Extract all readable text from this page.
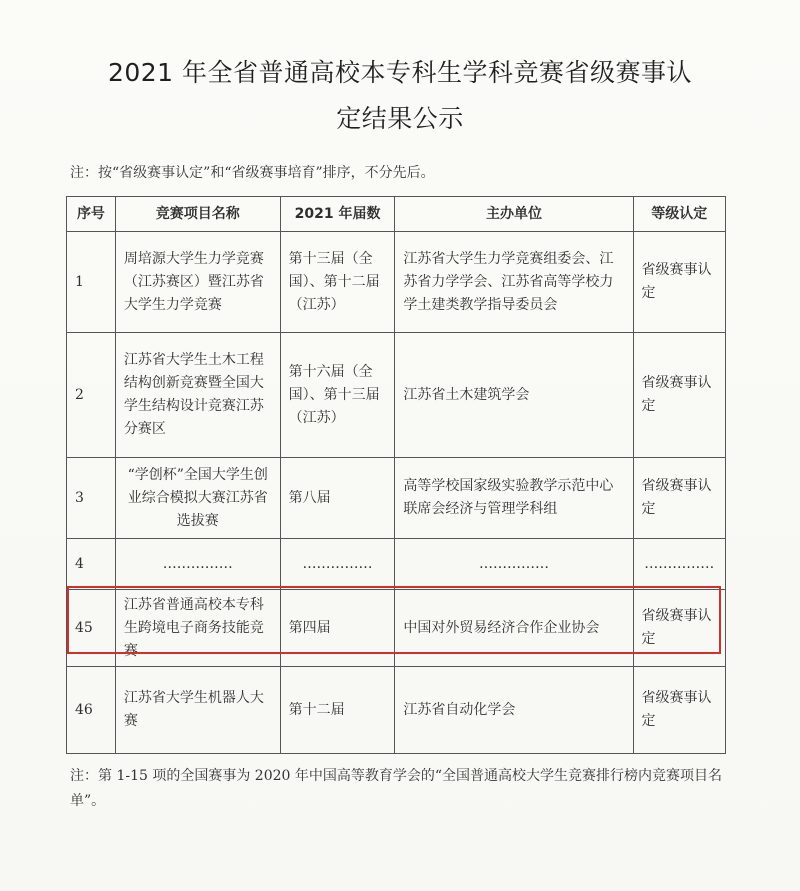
2021 年全省普通高校本专科生学科竞赛省级赛事认
定结果公示
注：按“省级赛事认定”和“省级赛事培育”排序，不分先后。
序号	竞赛项目名称	2021 年届数	主办单位	等级认定
1	周培源大学生力学竞赛（江苏赛区）暨江苏省大学生力学竞赛	第十三届（全国）、第十二届（江苏）	江苏省大学生力学竞赛组委会、江苏省力学学会、江苏省高等学校力学土建类教学指导委员会	省级赛事认定
2	江苏省大学生土木工程结构创新竞赛暨全国大学生结构设计竞赛江苏分赛区	第十六届（全国）、第十三届（江苏）	江苏省土木建筑学会	省级赛事认定
3	“学创杯”全国大学生创业综合模拟大赛江苏省选拔赛	第八届	高等学校国家级实验教学示范中心联席会经济与管理学科组	省级赛事认定
4	……………	……………	……………	……………
45	江苏省普通高校本专科生跨境电子商务技能竞赛	第四届	中国对外贸易经济合作企业协会	省级赛事认定
46	江苏省大学生机器人大赛	第十二届	江苏省自动化学会	省级赛事认定
注：第 1-15 项的全国赛事为 2020 年中国高等教育学会的“全国普通高校大学生竞赛排行榜内竞赛项目名单”。
